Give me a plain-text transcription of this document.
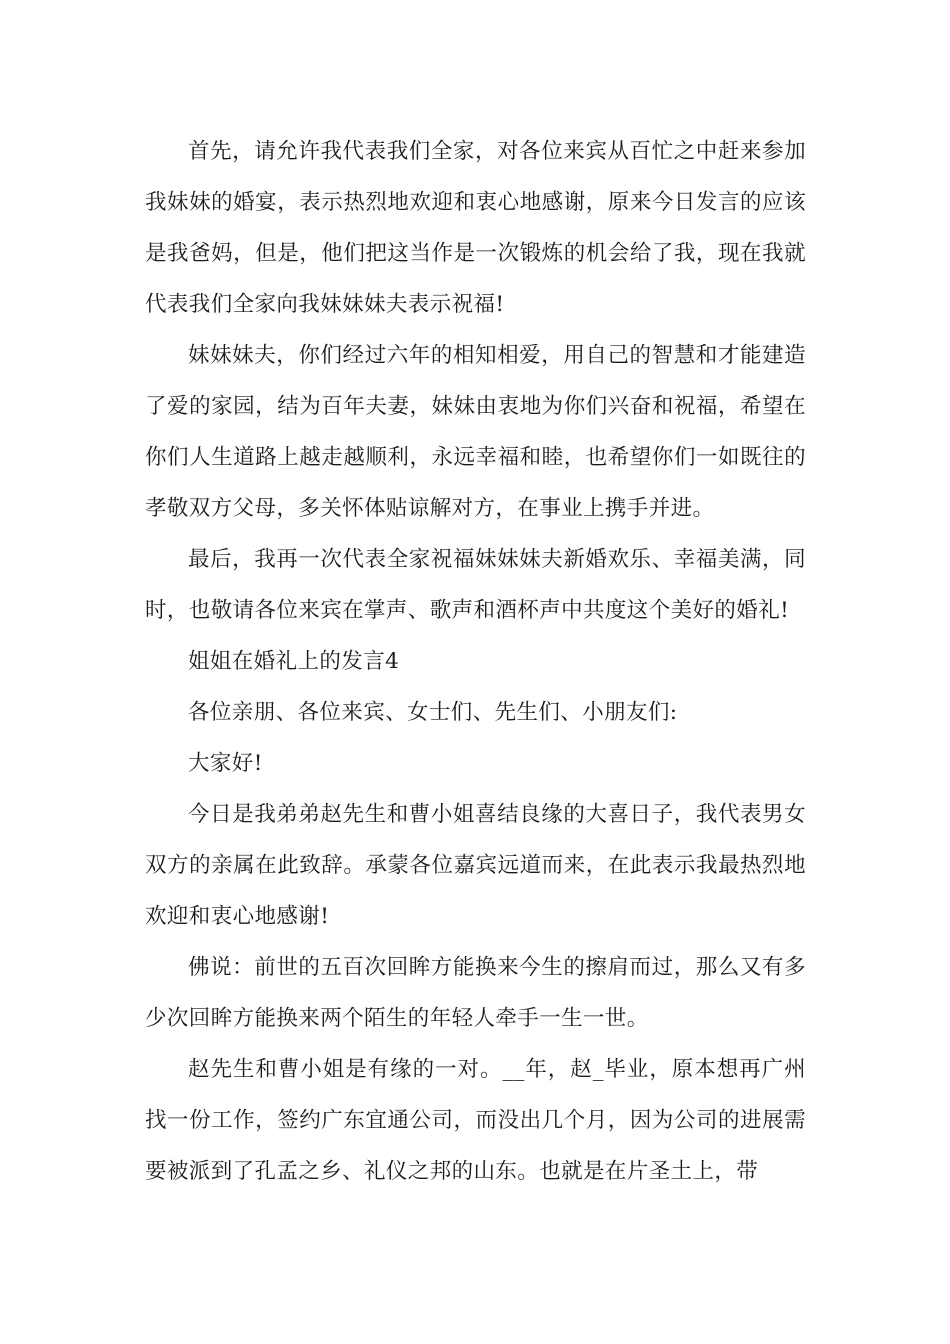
首先，请允许我代表我们全家，对各位来宾从百忙之中赶来参加我妹妹的婚宴，表示热烈地欢迎和衷心地感谢，原来今日发言的应该是我爸妈，但是，他们把这当作是一次锻炼的机会给了我，现在我就代表我们全家向我妹妹妹夫表示祝福!

妹妹妹夫，你们经过六年的相知相爱，用自己的智慧和才能建造了爱的家园，结为百年夫妻，妹妹由衷地为你们兴奋和祝福，希望在你们人生道路上越走越顺利，永远幸福和睦，也希望你们一如既往的孝敬双方父母，多关怀体贴谅解对方，在事业上携手并进。

最后，我再一次代表全家祝福妹妹妹夫新婚欢乐、幸福美满，同时，也敬请各位来宾在掌声、歌声和酒杯声中共度这个美好的婚礼!

姐姐在婚礼上的发言4

各位亲朋、各位来宾、女士们、先生们、小朋友们:

大家好!

今日是我弟弟赵先生和曹小姐喜结良缘的大喜日子，我代表男女双方的亲属在此致辞。承蒙各位嘉宾远道而来，在此表示我最热烈地欢迎和衷心地感谢!

佛说：前世的五百次回眸方能换来今生的擦肩而过，那么又有多少次回眸方能换来两个陌生的年轻人牵手一生一世。

赵先生和曹小姐是有缘的一对。__年，赵_毕业，原本想再广州找一份工作，签约广东宜通公司，而没出几个月，因为公司的进展需要被派到了孔孟之乡、礼仪之邦的山东。也就是在片圣土上，带
